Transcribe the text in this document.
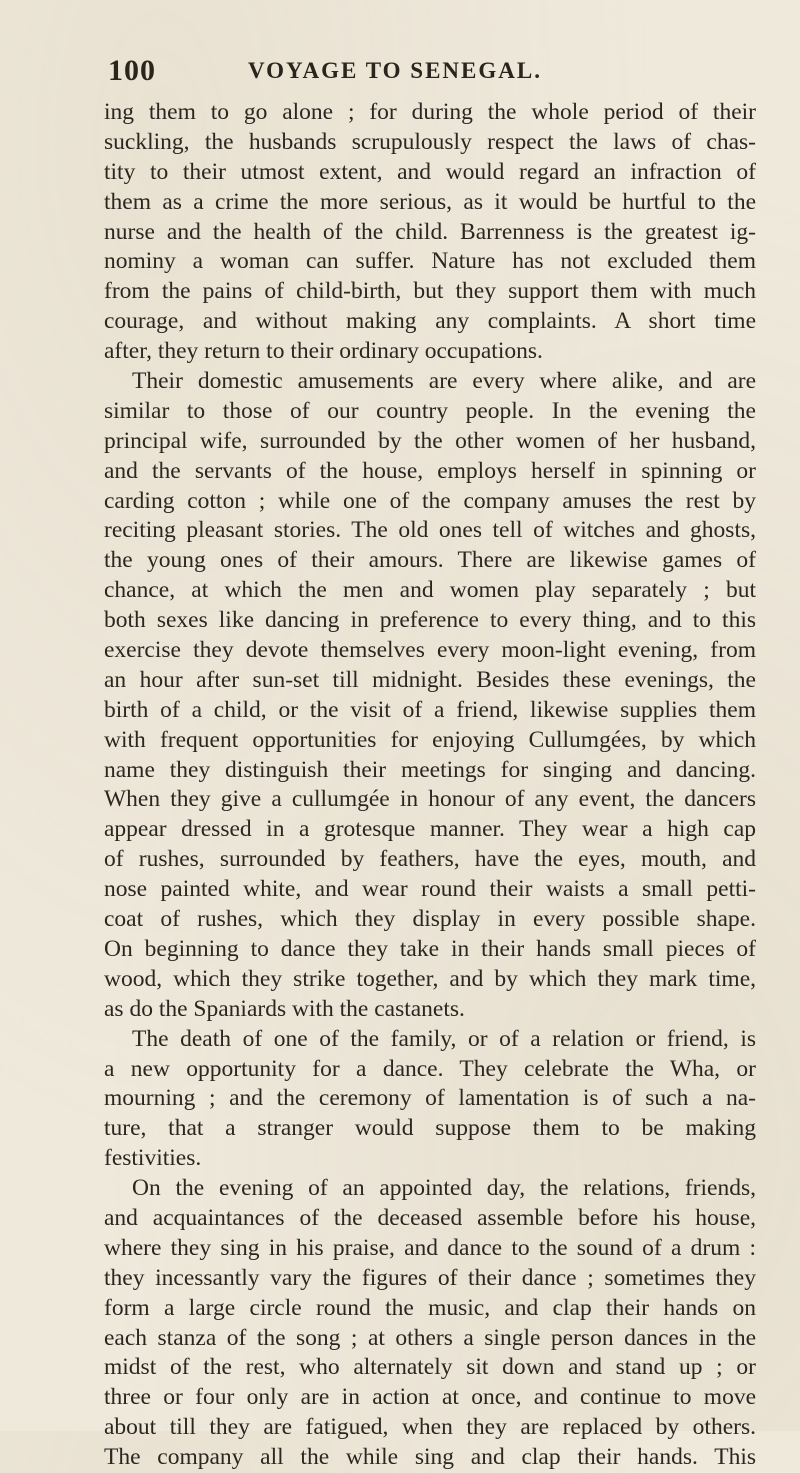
100	VOYAGE TO SENEGAL.
ing them to go alone ; for during the whole period of their
suckling, the husbands scrupulously respect the laws of chas-
tity to their utmost extent, and would regard an infraction of
them as a crime the more serious, as it would be hurtful to the
nurse and the health of the child. Barrenness is the greatest ig-
nominy a woman can suffer. Nature has not excluded them
from the pains of child-birth, but they support them with much
courage, and without making any complaints. A short time
after, they return to their ordinary occupations.
Their domestic amusements are every where alike, and are
similar to those of our country people. In the evening the
principal wife, surrounded by the other women of her husband,
and the servants of the house, employs herself in spinning or
carding cotton ; while one of the company amuses the rest by
reciting pleasant stories. The old ones tell of witches and ghosts,
the young ones of their amours. There are likewise games of
chance, at which the men and women play separately ; but
both sexes like dancing in preference to every thing, and to this
exercise they devote themselves every moon-light evening, from
an hour after sun-set till midnight. Besides these evenings, the
birth of a child, or the visit of a friend, likewise supplies them
with frequent opportunities for enjoying Cullumgées, by which
name they distinguish their meetings for singing and dancing.
When they give a cullumgée in honour of any event, the dancers
appear dressed in a grotesque manner. They wear a high cap
of rushes, surrounded by feathers, have the eyes, mouth, and
nose painted white, and wear round their waists a small petti-
coat of rushes, which they display in every possible shape.
On beginning to dance they take in their hands small pieces of
wood, which they strike together, and by which they mark time,
as do the Spaniards with the castanets.
The death of one of the family, or of a relation or friend, is
a new opportunity for a dance. They celebrate the Wha, or
mourning ; and the ceremony of lamentation is of such a na-
ture, that a stranger would suppose them to be making
festivities.
On the evening of an appointed day, the relations, friends,
and acquaintances of the deceased assemble before his house,
where they sing in his praise, and dance to the sound of a drum :
they incessantly vary the figures of their dance ; sometimes they
form a large circle round the music, and clap their hands on
each stanza of the song ; at others a single person dances in the
midst of the rest, who alternately sit down and stand up ; or
three or four only are in action at once, and continue to move
about till they are fatigued, when they are replaced by others.
The company all the while sing and clap their hands. This
